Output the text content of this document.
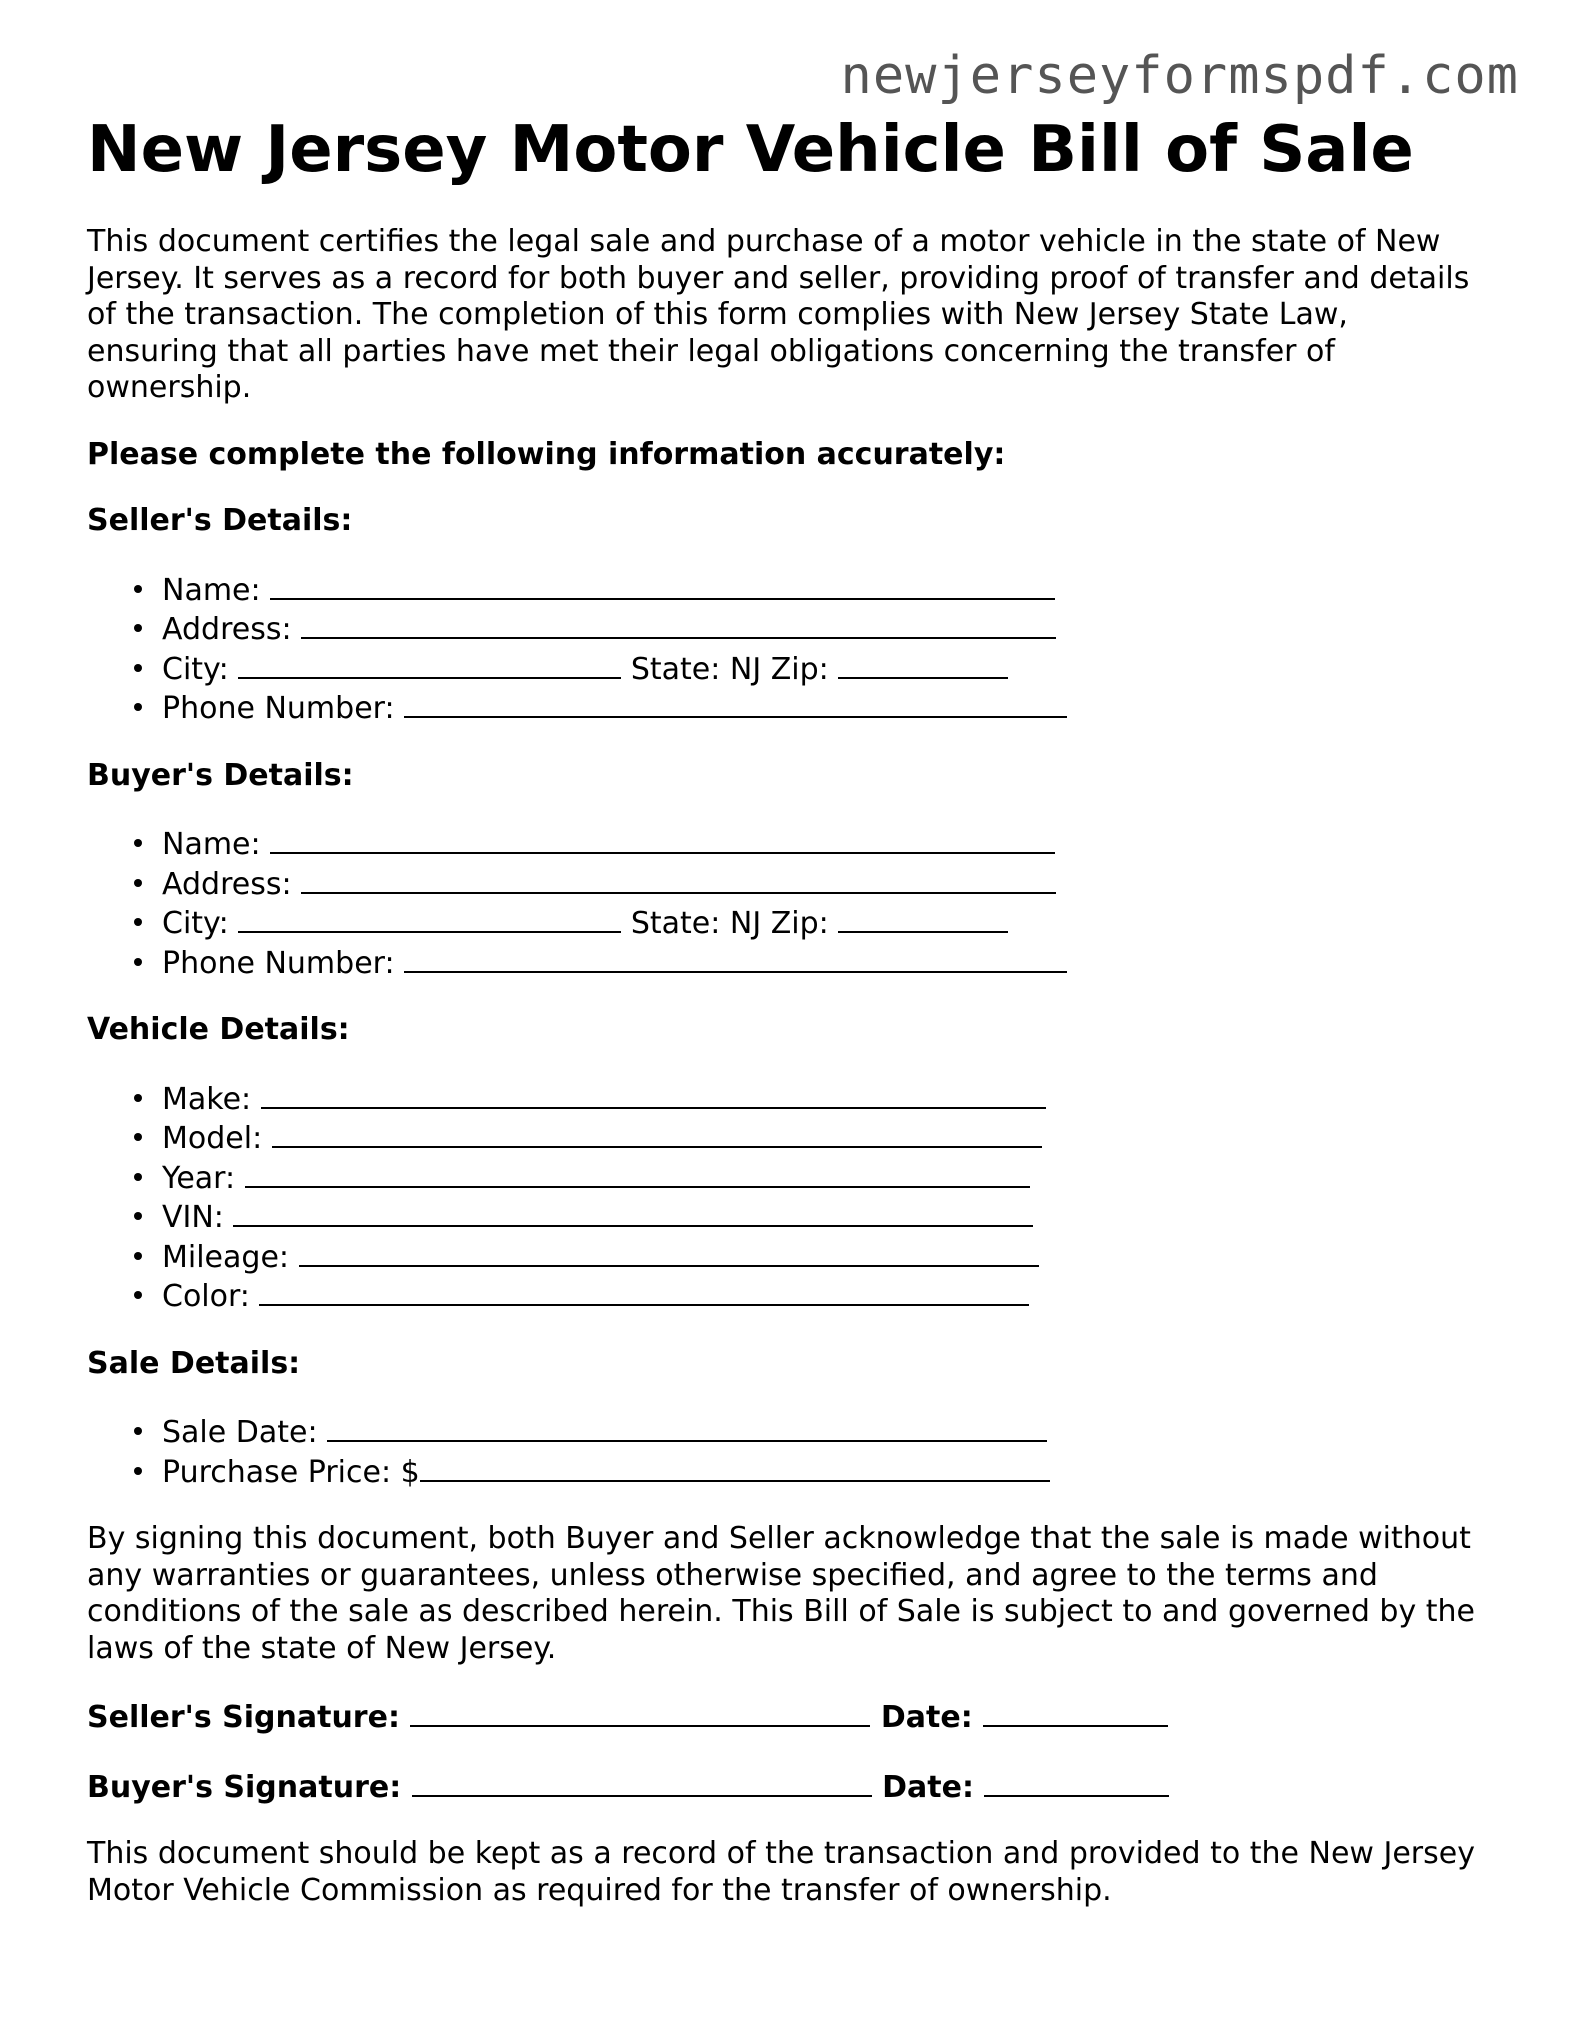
newjerseyformspdf.com
New Jersey Motor Vehicle Bill of Sale

This document certifies the legal sale and purchase of a motor vehicle in the state of New Jersey. It serves as a record for both buyer and seller, providing proof of transfer and details of the transaction. The completion of this form complies with New Jersey State Law, ensuring that all parties have met their legal obligations concerning the transfer of ownership.

Please complete the following information accurately:

Seller's Details:

Name:
Address:
City:	State: NJ Zip:
Phone Number:

Buyer's Details:

Name:
Address:
City:	State: NJ Zip:
Phone Number:

Vehicle Details:

Make:
Model:
Year:
VIN:
Mileage:
Color:

Sale Details:

Sale Date:
Purchase Price: $

By signing this document, both Buyer and Seller acknowledge that the sale is made without any warranties or guarantees, unless otherwise specified, and agree to the terms and conditions of the sale as described herein. This Bill of Sale is subject to and governed by the laws of the state of New Jersey.

Seller's Signature:	Date:

Buyer's Signature:	Date:

This document should be kept as a record of the transaction and provided to the New Jersey Motor Vehicle Commission as required for the transfer of ownership.
